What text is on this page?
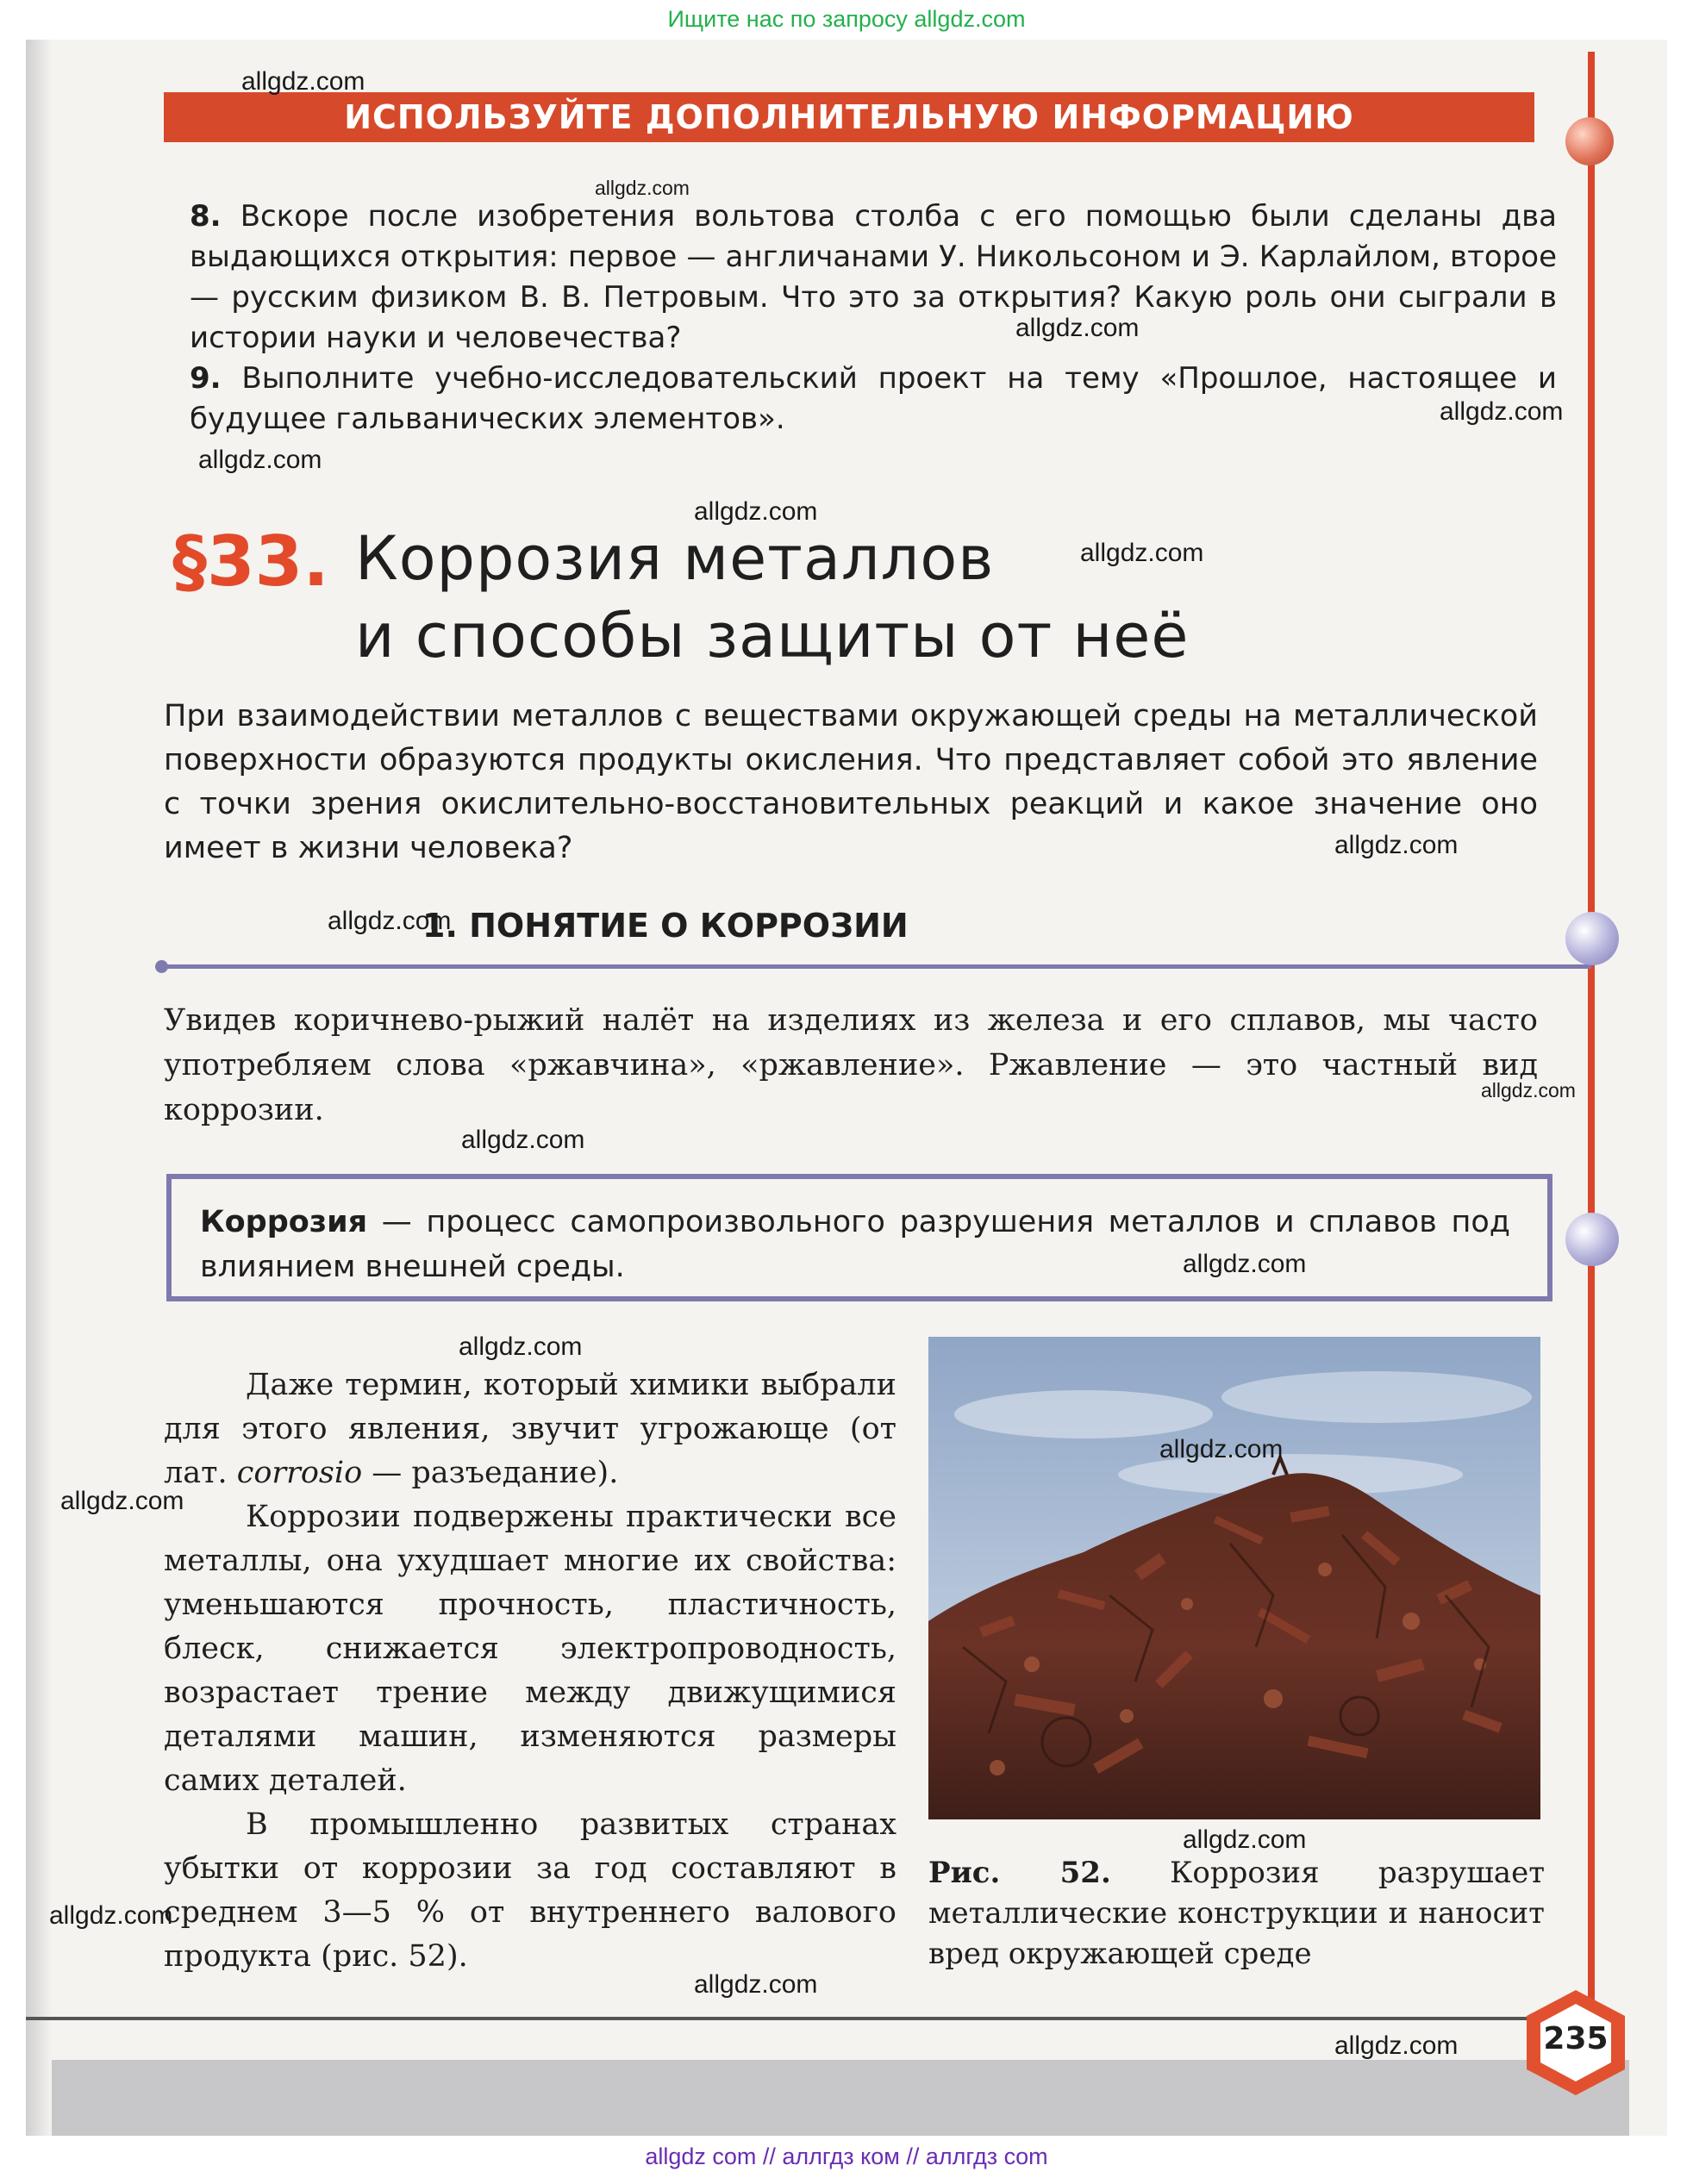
Ищите нас по запросу allgdz.com
ИСПОЛЬЗУЙТЕ ДОПОЛНИТЕЛЬНУЮ ИНФОРМАЦИЮ
8. Вскоре после изобретения вольтова столба с его помощью были сделаны два выдающихся открытия: первое — англичанами У. Никольсоном и Э. Карлайлом, второе — русским физиком В. В. Петровым. Что это за открытия? Какую роль они сыграли в истории науки и человечества?
9. Выполните учебно-исследовательский проект на тему «Прошлое, настоящее и будущее гальванических элементов».
§33. Коррозия металлов
и способы защиты от неё
При взаимодействии металлов с веществами окружающей среды на металлической поверхности образуются продукты окисления. Что представляет собой это явление с точки зрения окислительно-восстановительных реакций и какое значение оно имеет в жизни человека?
1. ПОНЯТИЕ О КОРРОЗИИ
Увидев коричнево-рыжий налёт на изделиях из железа и его сплавов, мы часто употребляем слова «ржавчина», «ржавление». Ржавление — это частный вид коррозии.
Коррозия — процесс самопроизвольного разрушения металлов и сплавов под влиянием внешней среды.

Даже термин, который химики выбрали для этого явления, звучит угрожающе (от лат. corrosio — разъедание).

Коррозии подвержены практически все металлы, она ухудшает многие их свойства: уменьшаются прочность, пластичность, блеск, снижается электропроводность, возрастает трение между движущимися деталями машин, изменяются размеры самих деталей.

В промышленно развитых странах убытки от коррозии за год составляют в среднем 3—5 % от внутреннего валового продукта (рис. 52).

Рис. 52. Коррозия разрушает металлические конструкции и наносит вред окружающей среде
235
allgdz.com
allgdz.com
allgdz.com
allgdz.com
allgdz.com
allgdz.com
allgdz.com
allgdz.com
allgdz.com
allgdz.com
allgdz.com
allgdz.com
allgdz.com
allgdz.com
allgdz.com
allgdz.com
allgdz.com
allgdz.com
allgdz.com
allgdz com // аллгдз ком // аллгдз com
